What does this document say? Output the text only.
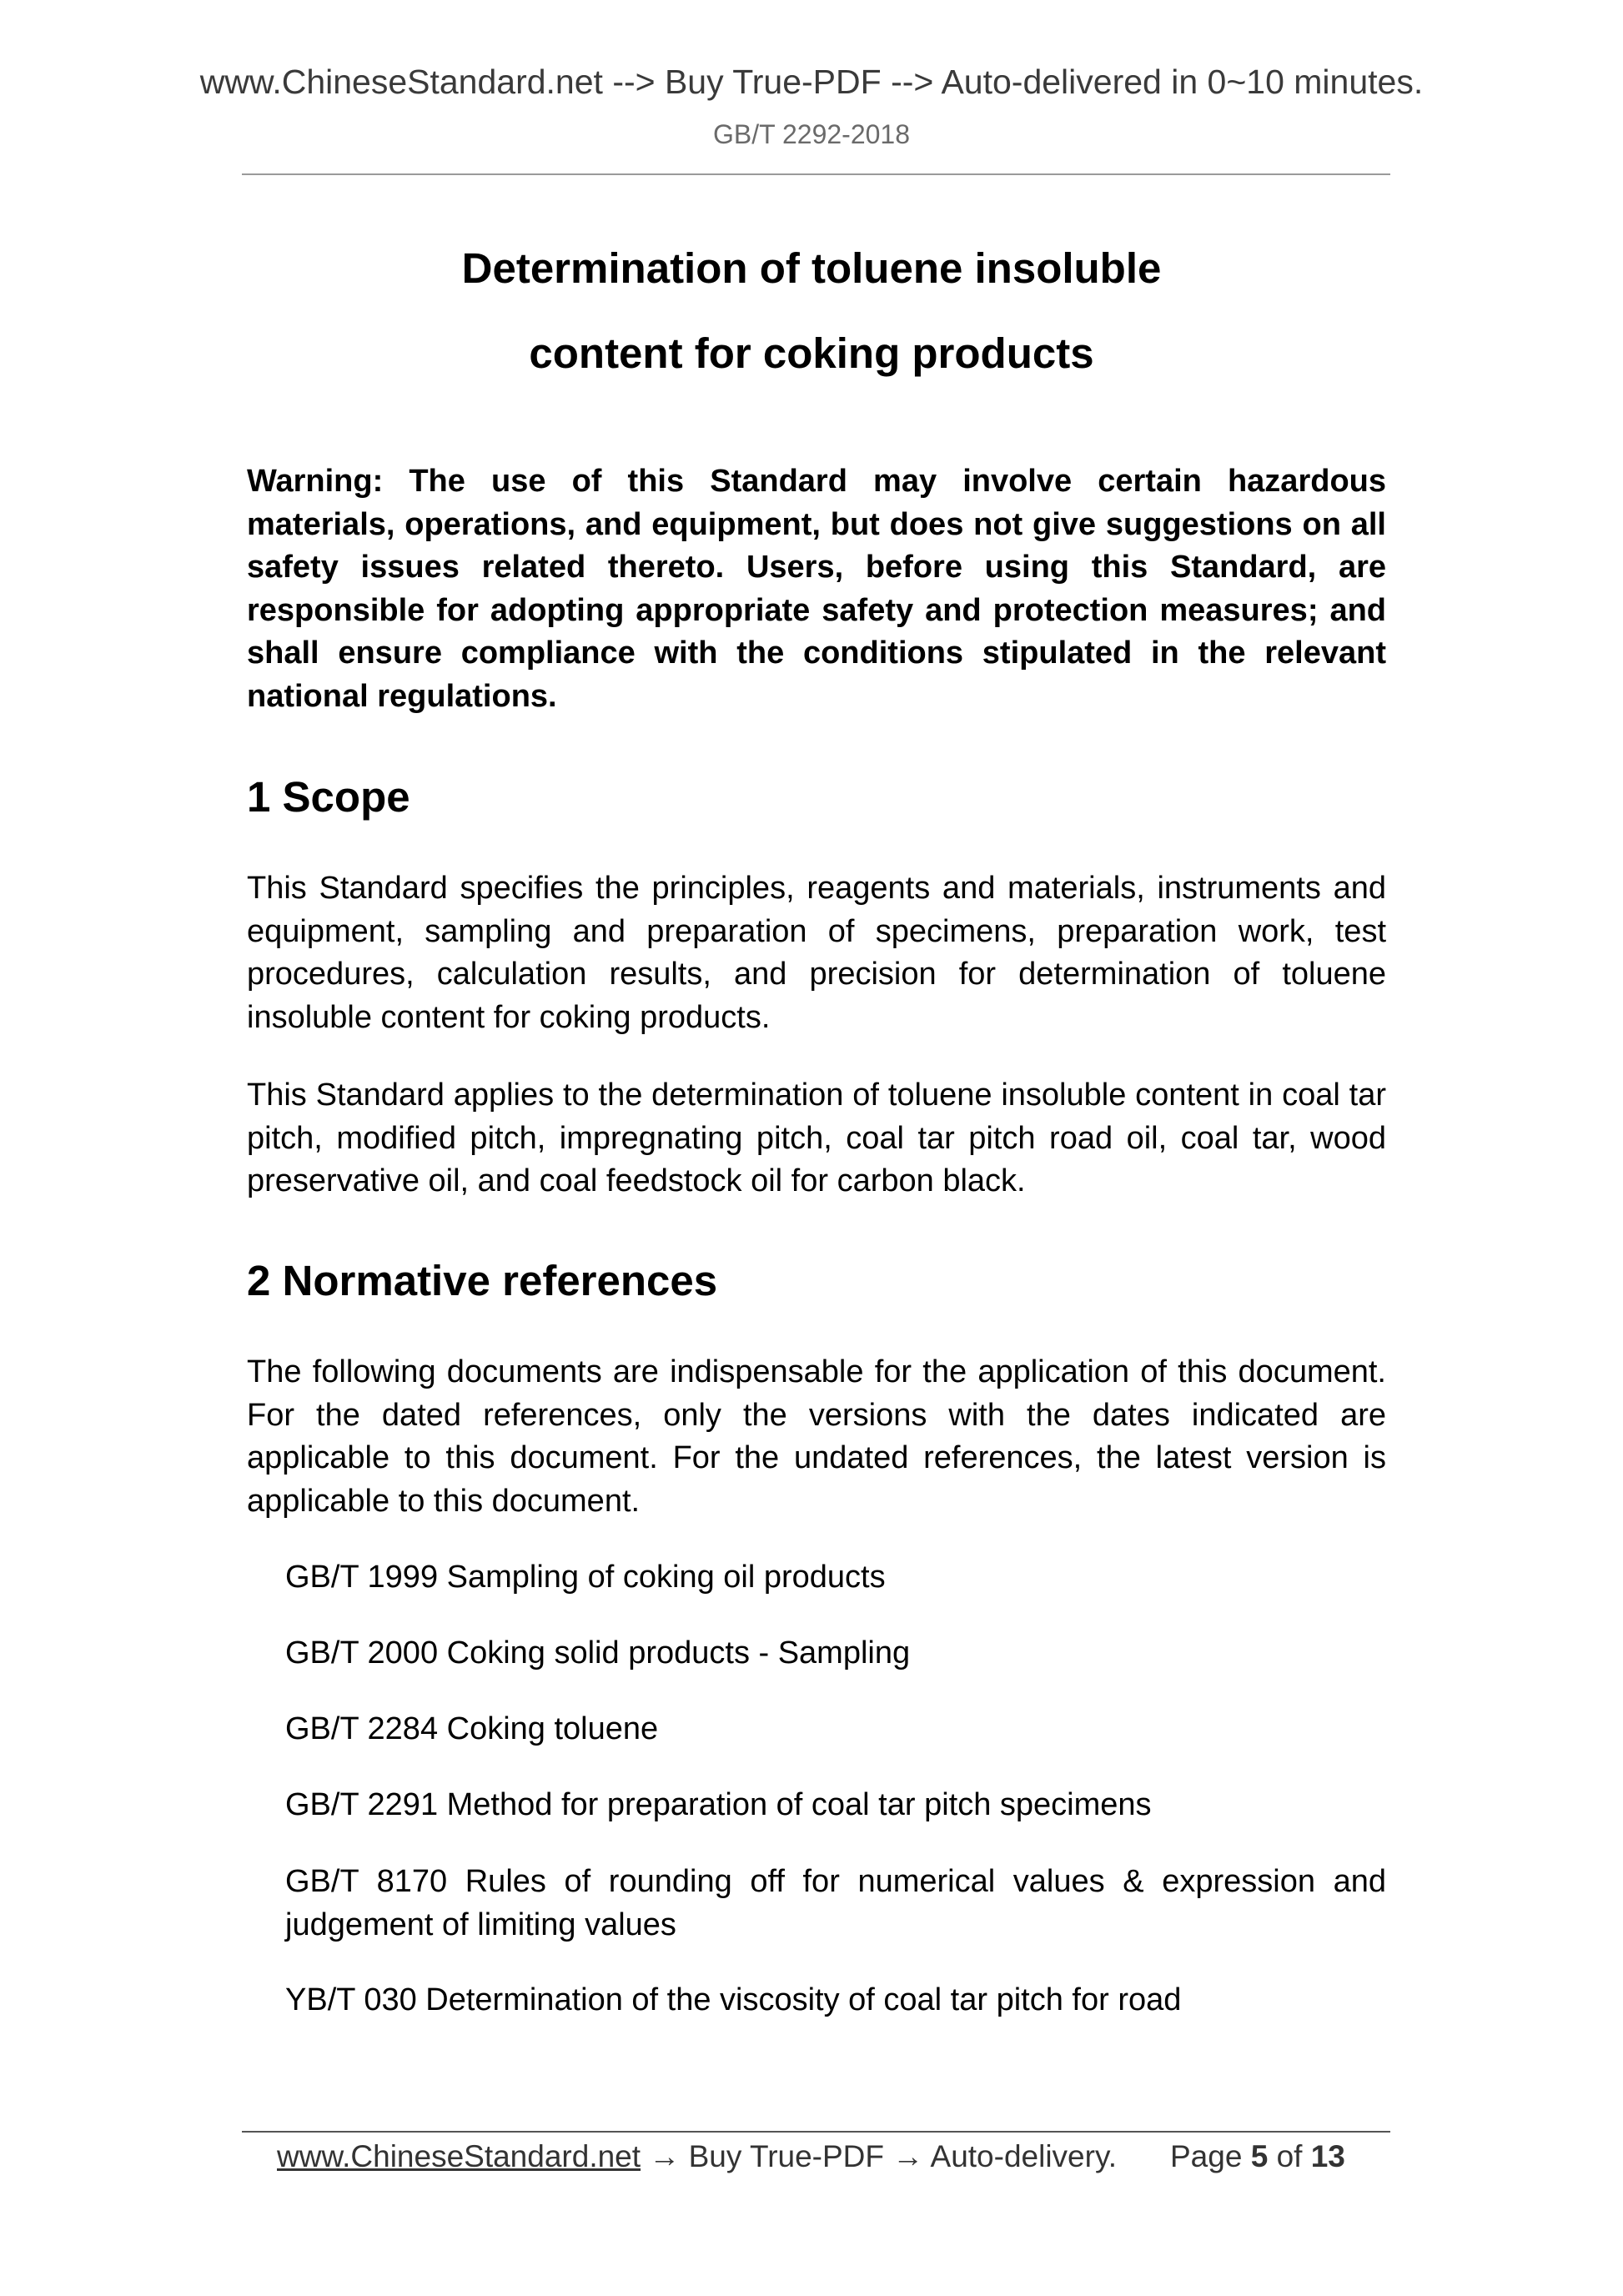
www.ChineseStandard.net --> Buy True-PDF --> Auto-delivered in 0~10 minutes.
GB/T 2292-2018
Determination of toluene insoluble
content for coking products
Warning: The use of this Standard may involve certain hazardous materials, operations, and equipment, but does not give suggestions on all safety issues related thereto. Users, before using this Standard, are responsible for adopting appropriate safety and protection measures; and shall ensure compliance with the conditions stipulated in the relevant national regulations.
1 Scope
This Standard specifies the principles, reagents and materials, instruments and equipment, sampling and preparation of specimens, preparation work, test procedures, calculation results, and precision for determination of toluene insoluble content for coking products.
This Standard applies to the determination of toluene insoluble content in coal tar pitch, modified pitch, impregnating pitch, coal tar pitch road oil, coal tar, wood preservative oil, and coal feedstock oil for carbon black.
2 Normative references
The following documents are indispensable for the application of this document. For the dated references, only the versions with the dates indicated are applicable to this document. For the undated references, the latest version is applicable to this document.
GB/T 1999 Sampling of coking oil products
GB/T 2000 Coking solid products - Sampling
GB/T 2284 Coking toluene
GB/T 2291 Method for preparation of coal tar pitch specimens
GB/T 8170 Rules of rounding off for numerical values & expression and judgement of limiting values
YB/T 030 Determination of the viscosity of coal tar pitch for road
www.ChineseStandard.net → Buy True-PDF → Auto-delivery. Page 5 of 13
